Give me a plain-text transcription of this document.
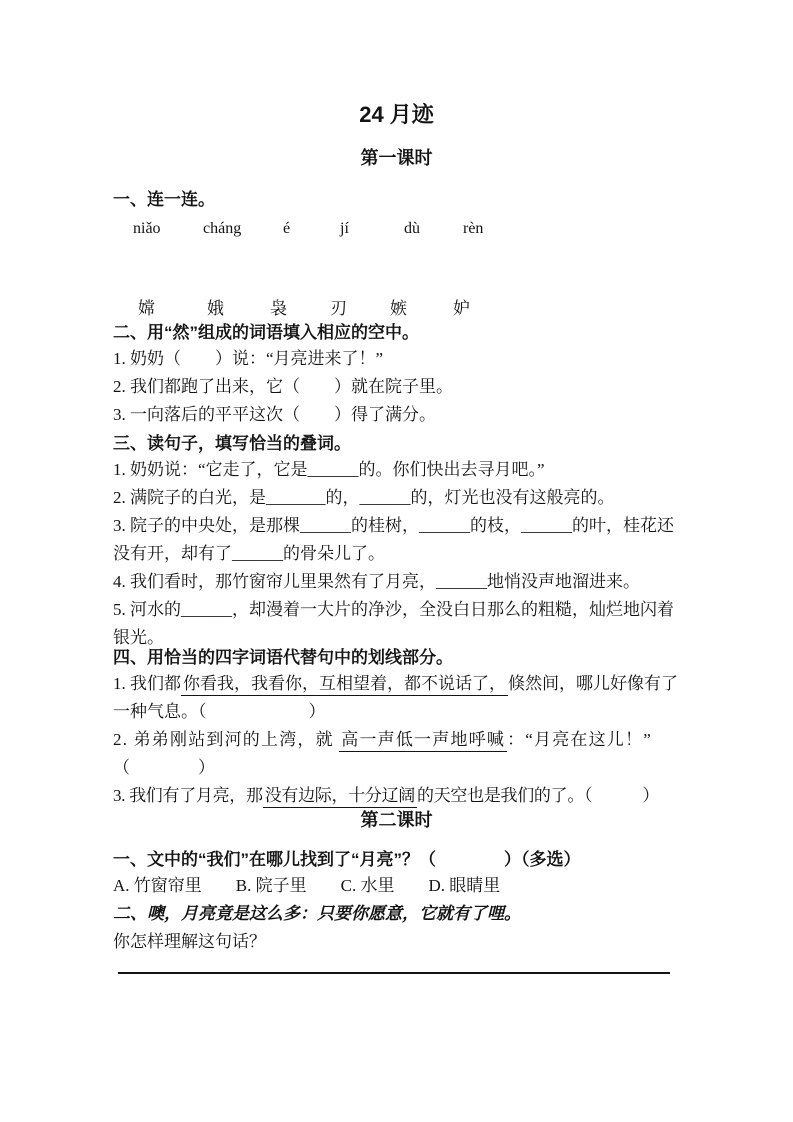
24 月迹
第一课时
一、连一连。
niǎo	cháng	é	jí	dù	rèn
嫦	娥	袅	刃	嫉	妒
二、用“然”组成的词语填入相应的空中。

1. 奶奶（　　）说：“月亮进来了！”

2. 我们都跑了出来，它（　　）就在院子里。

3. 一向落后的平平这次（　　）得了满分。

三、读句子，填写恰当的叠词。

1. 奶奶说：“它走了，它是______的。你们快出去寻月吧。”

2. 满院子的白光，是_______的，______的，灯光也没有这般亮的。

3. 院子的中央处，是那棵______的桂树，______的枝，______的叶，桂花还没有开，却有了______的骨朵儿了。

4. 我们看时，那竹窗帘儿里果然有了月亮，______地悄没声地溜进来。

5. 河水的______，却漫着一大片的净沙，全没白日那么的粗糙，灿烂地闪着银光。

四、用恰当的四字词语代替句中的划线部分。

1. 我们都 你看我，我看你，互相望着，都不说话了， 倏然间，哪儿好像有了一种气息。（　　　　　　）

2. 弟弟刚站到河的上湾，就 高一声低一声地呼喊 ：“月亮在这儿！”

（　　　　）

3. 我们有了月亮，那 没有边际，十分辽阔 的天空也是我们的了。（　　　）

第二课时
一、文中的“我们”在哪儿找到了“月亮”？（　　　　）（多选）

A. 竹窗帘里　　B. 院子里　　C. 水里　　D. 眼睛里

二、噢，月亮竟是这么多：只要你愿意，它就有了哩。

你怎样理解这句话？
